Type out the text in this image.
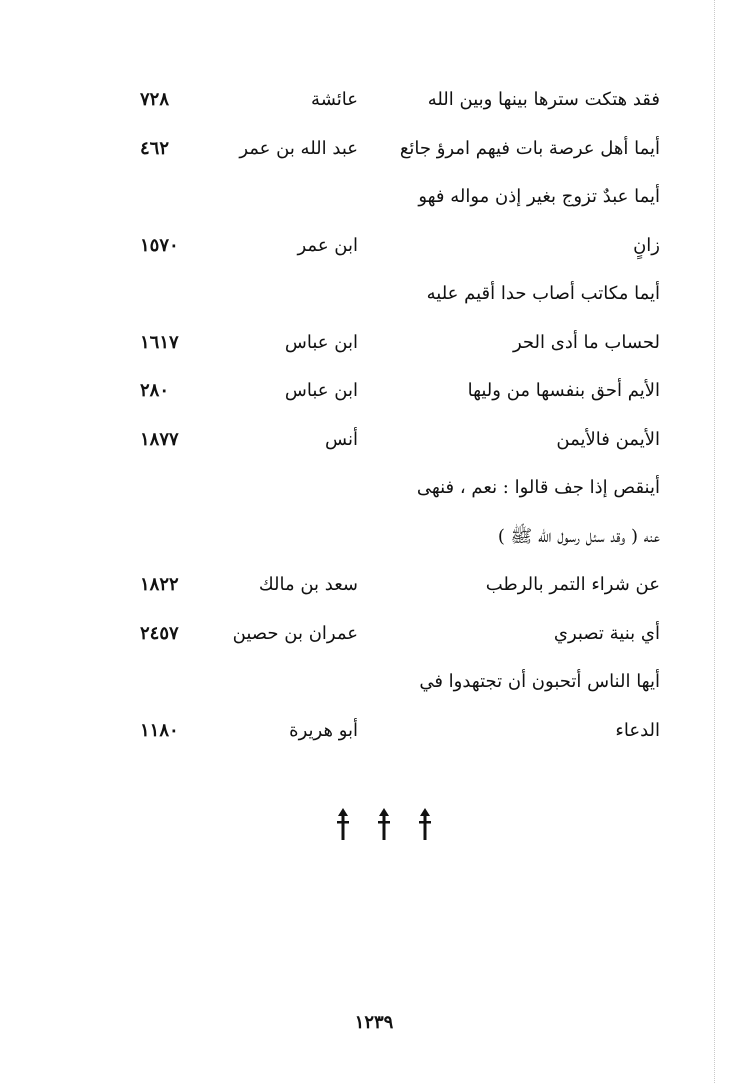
فقد هتكت سترها بينها وبين الله
عائشة
٧٢٨
أيما أهل عرصة بات فيهم امرؤ جائع
عبد الله بن عمر
٤٦٢
أيما عبدٌ تزوج بغير إذن مواله فهو
زانٍ
ابن عمر
١٥٧٠
أيما مكاتب أصاب حدا أقيم عليه
لحساب ما أدى الحر
ابن عباس
١٦١٧
الأيم أحق بنفسها من وليها
ابن عباس
٢٨٠
الأيمن فالأيمن
أنس
١٨٧٧
أينقص إذا جف قالوا : نعم ، فنهى
عنه ( وقد سئل رسول الله ﷺ )
عن شراء التمر بالرطب
سعد بن مالك
١٨٢٢
أي بنية تصبري
عمران بن حصين
٢٤٥٧
أيها الناس أتحبون أن تجتهدوا في
الدعاء
أبو هريرة
١١٨٠
١٢٣٩
